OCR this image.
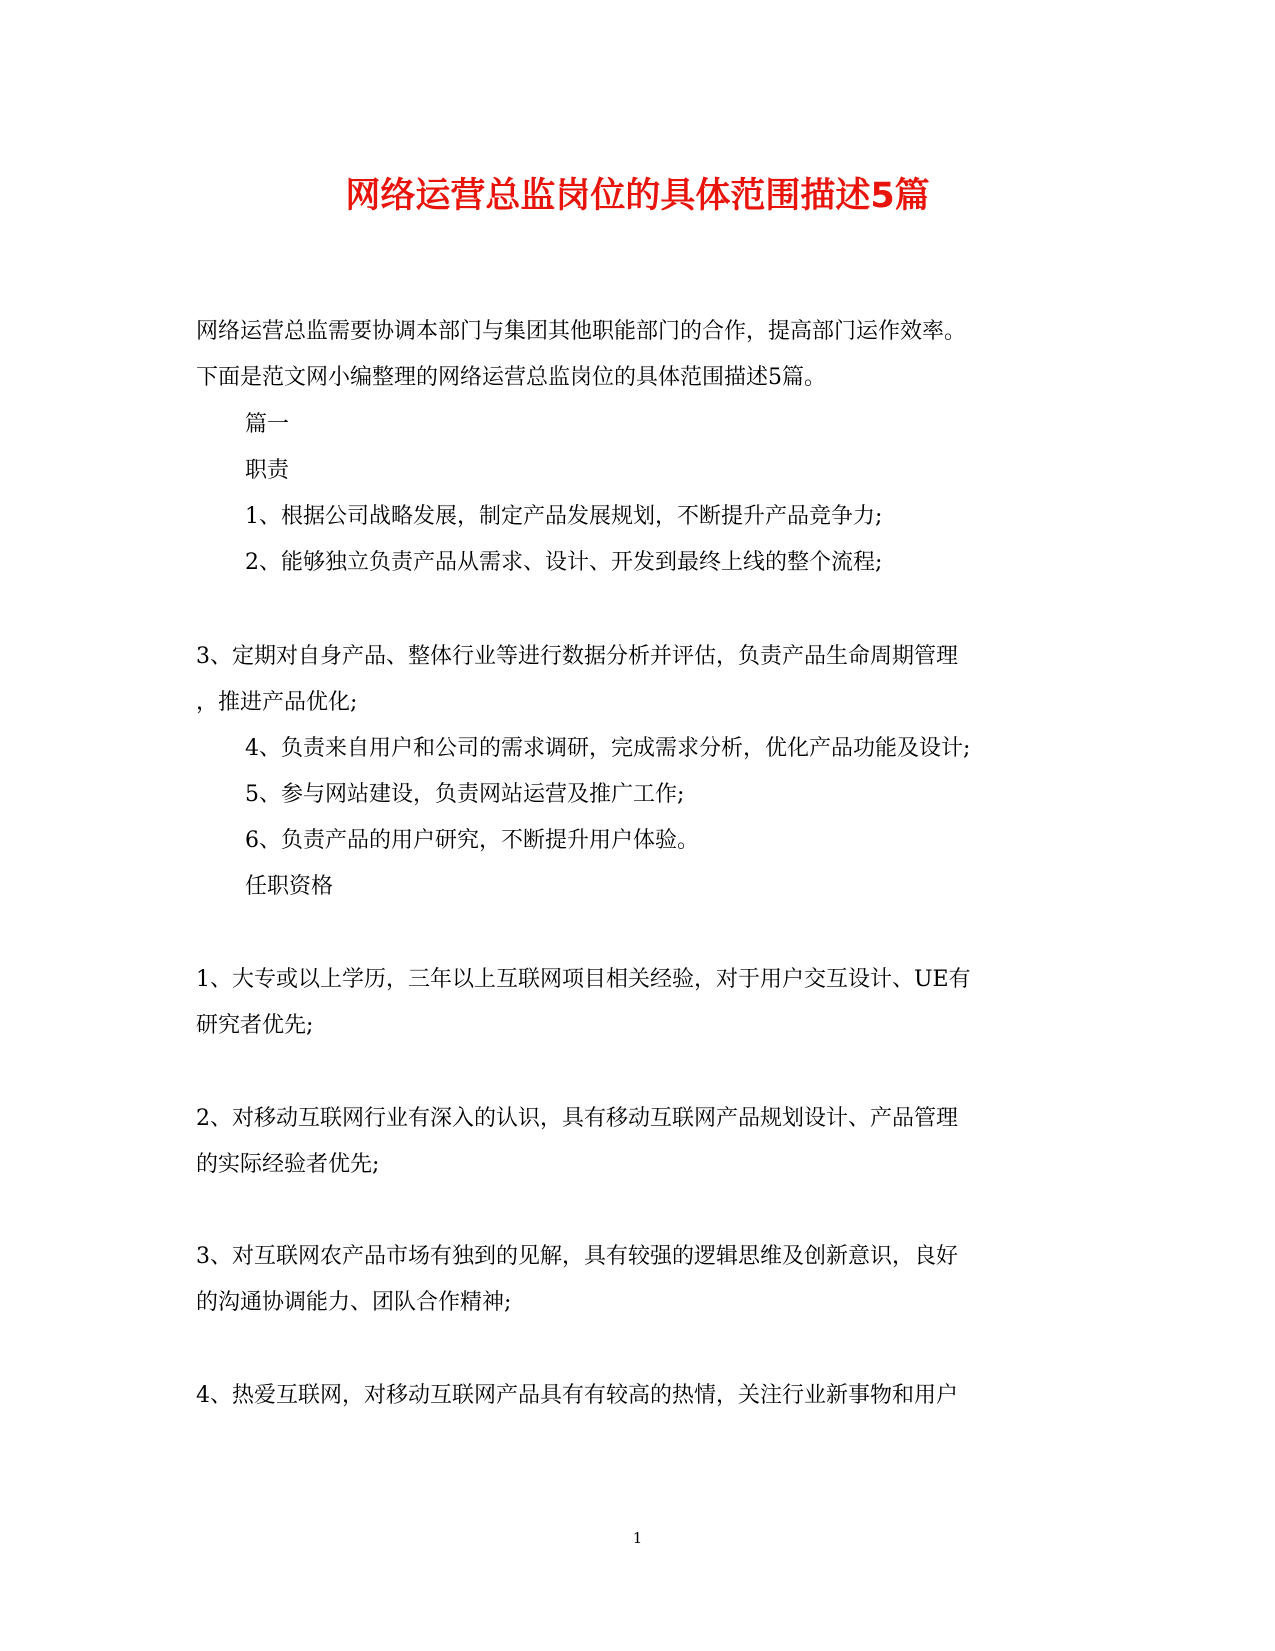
网络运营总监岗位的具体范围描述5篇

网络运营总监需要协调本部门与集团其他职能部门的合作，提高部门运作效率。

下面是范文网小编整理的网络运营总监岗位的具体范围描述5篇。

篇一

职责

1、根据公司战略发展，制定产品发展规划，不断提升产品竞争力;

2、能够独立负责产品从需求、设计、开发到最终上线的整个流程;

3、定期对自身产品、整体行业等进行数据分析并评估，负责产品生命周期管理

，推进产品优化;

4、负责来自用户和公司的需求调研，完成需求分析，优化产品功能及设计;

5、参与网站建设，负责网站运营及推广工作;

6、负责产品的用户研究，不断提升用户体验。

任职资格

1、大专或以上学历，三年以上互联网项目相关经验，对于用户交互设计、UE有

研究者优先;

2、对移动互联网行业有深入的认识，具有移动互联网产品规划设计、产品管理

的实际经验者优先;

3、对互联网农产品市场有独到的见解，具有较强的逻辑思维及创新意识，良好

的沟通协调能力、团队合作精神;

4、热爱互联网，对移动互联网产品具有有较高的热情，关注行业新事物和用户

1
